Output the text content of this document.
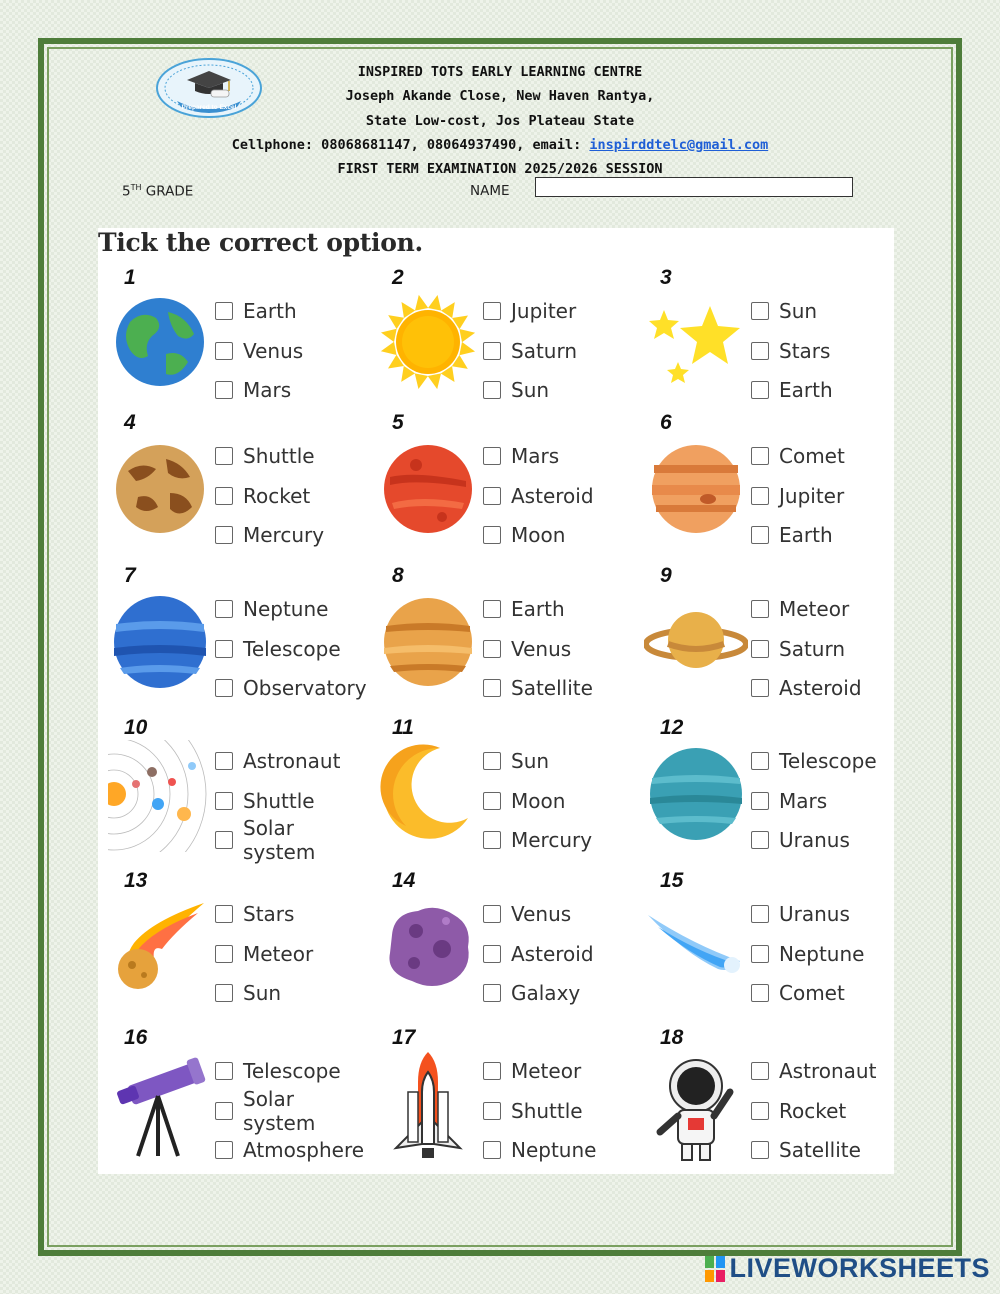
Prepared to Excel
INSPIRED TOTS EARLY LEARNING CENTRE
Joseph Akande Close, New Haven Rantya,
State Low-cost, Jos Plateau State
Cellphone: 08068681147, 08064937490, email: inspirddtelc@gmail.com
FIRST TERM EXAMINATION 2025/2026 SESSION
5TH GRADE	NAME
Tick the correct option.
1
Earth
Venus
Mars
2
Jupiter
Saturn
Sun
3
Sun
Stars
Earth
4
Shuttle
Rocket
Mercury
5
Mars
Asteroid
Moon
6
Comet
Jupiter
Earth
7
Neptune
Telescope
Observatory
8
Earth
Venus
Satellite
9
Meteor
Saturn
Asteroid
10
Astronaut
Shuttle
Solar system
11
Sun
Moon
Mercury
12
Telescope
Mars
Uranus
13
Stars
Meteor
Sun
14
Venus
Asteroid
Galaxy
15
Uranus
Neptune
Comet
16
Telescope
Solar system
Atmosphere
17
Meteor
Shuttle
Neptune
18
Astronaut
Rocket
Satellite
LIVEWORKSHEETS
